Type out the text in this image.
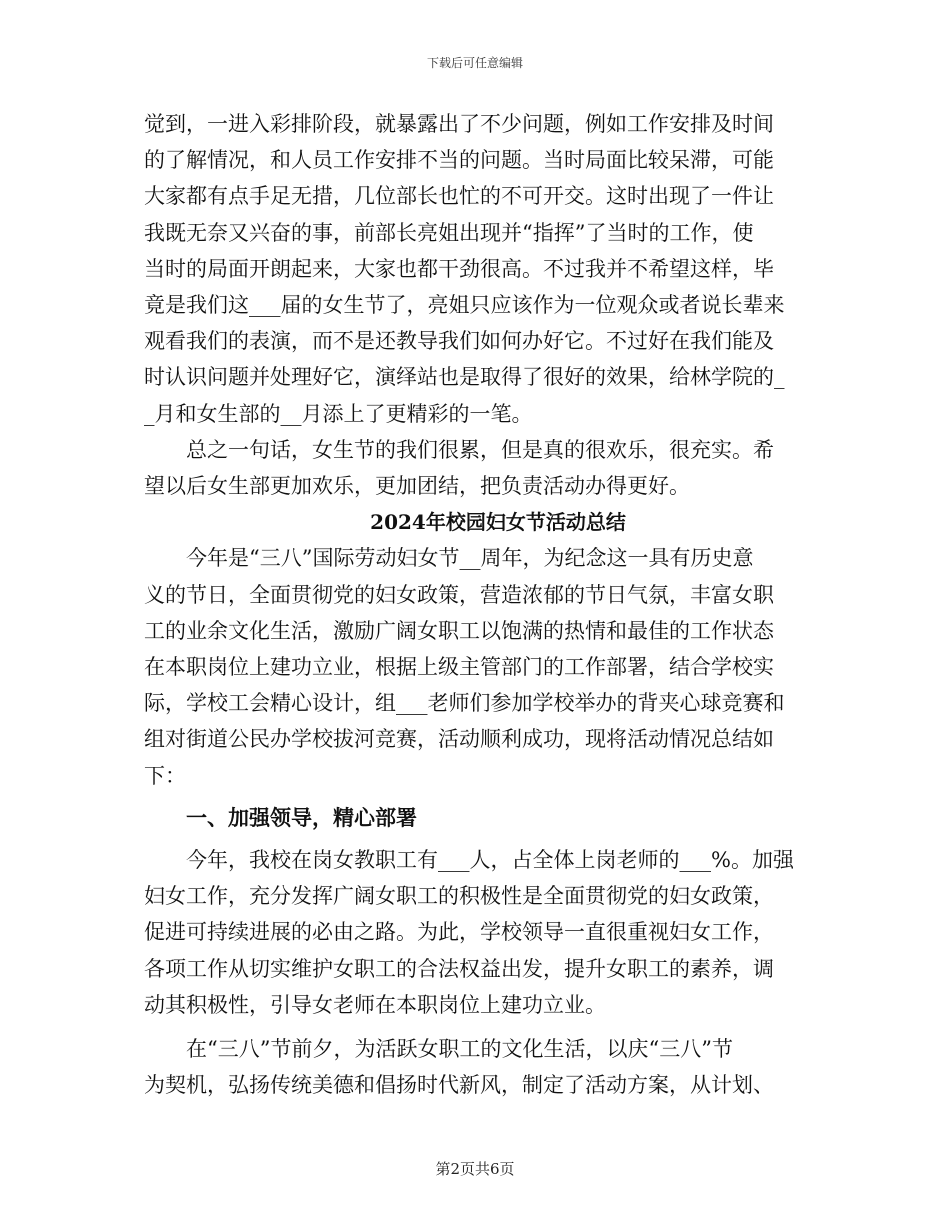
下载后可任意编辑

觉到，一进入彩排阶段，就暴露出了不少问题，例如工作安排及时间
的了解情况，和人员工作安排不当的问题。当时局面比较呆滞，可能
大家都有点手足无措，几位部长也忙的不可开交。这时出现了一件让
我既无奈又兴奋的事，前部长亮姐出现并“指挥”了当时的工作，使
当时的局面开朗起来，大家也都干劲很高。不过我并不希望这样，毕
竟是我们这___届的女生节了，亮姐只应该作为一位观众或者说长辈来
观看我们的表演，而不是还教导我们如何办好它。不过好在我们能及
时认识问题并处理好它，演绎站也是取得了很好的效果，给林学院的_
_月和女生部的__月添上了更精彩的一笔。

总之一句话，女生节的我们很累，但是真的很欢乐，很充实。希
望以后女生部更加欢乐，更加团结，把负责活动办得更好。

2024年校园妇女节活动总结

今年是“三八”国际劳动妇女节__周年，为纪念这一具有历史意
义的节日，全面贯彻党的妇女政策，营造浓郁的节日气氛，丰富女职
工的业余文化生活，激励广阔女职工以饱满的热情和最佳的工作状态
在本职岗位上建功立业，根据上级主管部门的工作部署，结合学校实
际，学校工会精心设计，组___老师们参加学校举办的背夹心球竞赛和
组对街道公民办学校拔河竞赛，活动顺利成功，现将活动情况总结如
下：

一、加强领导，精心部署

今年，我校在岗女教职工有___人，占全体上岗老师的___%。加强
妇女工作，充分发挥广阔女职工的积极性是全面贯彻党的妇女政策，
促进可持续进展的必由之路。为此，学校领导一直很重视妇女工作，
各项工作从切实维护女职工的合法权益出发，提升女职工的素养，调
动其积极性，引导女老师在本职岗位上建功立业。

在“三八”节前夕，为活跃女职工的文化生活，以庆“三八”节
为契机，弘扬传统美德和倡扬时代新风，制定了活动方案，从计划、

第2页共6页
